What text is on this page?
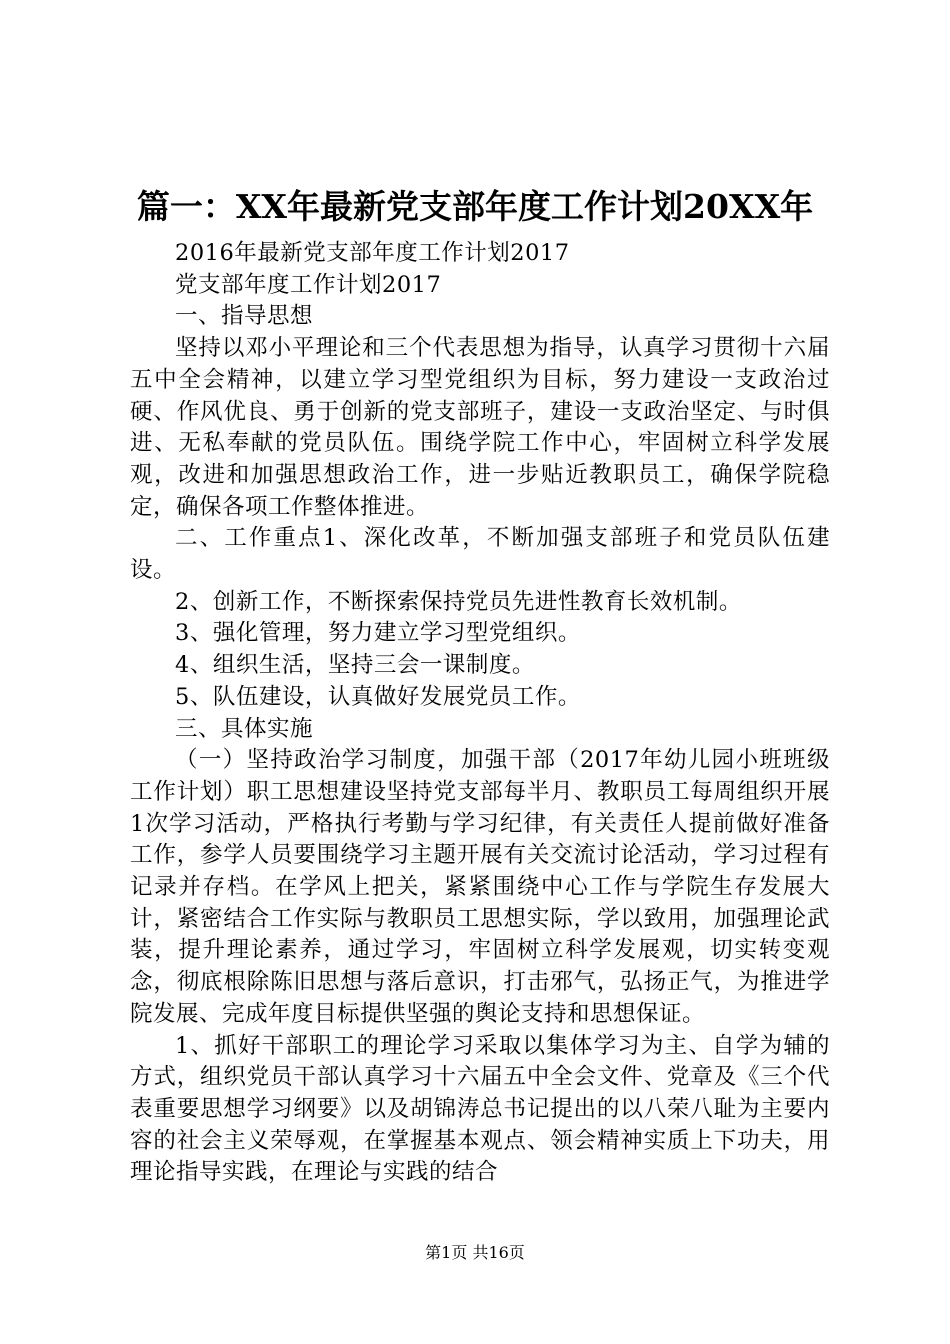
篇一：XX年最新党支部年度工作计划20XX年

2016年最新党支部年度工作计划2017

党支部年度工作计划2017

一、指导思想

坚持以邓小平理论和三个代表思想为指导，认真学习贯彻十六届五中全会精神，以建立学习型党组织为目标，努力建设一支政治过硬、作风优良、勇于创新的党支部班子，建设一支政治坚定、与时俱进、无私奉献的党员队伍。围绕学院工作中心，牢固树立科学发展观，改进和加强思想政治工作，进一步贴近教职员工，确保学院稳定，确保各项工作整体推进。

二、工作重点1、深化改革，不断加强支部班子和党员队伍建设。

2、创新工作，不断探索保持党员先进性教育长效机制。

3、强化管理，努力建立学习型党组织。

4、组织生活，坚持三会一课制度。

5、队伍建设，认真做好发展党员工作。

三、具体实施

（一）坚持政治学习制度，加强干部（2017年幼儿园小班班级工作计划）职工思想建设坚持党支部每半月、教职员工每周组织开展1次学习活动，严格执行考勤与学习纪律，有关责任人提前做好准备工作，参学人员要围绕学习主题开展有关交流讨论活动，学习过程有记录并存档。在学风上把关，紧紧围绕中心工作与学院生存发展大计，紧密结合工作实际与教职员工思想实际，学以致用，加强理论武装，提升理论素养，通过学习，牢固树立科学发展观，切实转变观念，彻底根除陈旧思想与落后意识，打击邪气，弘扬正气，为推进学院发展、完成年度目标提供坚强的舆论支持和思想保证。

1、抓好干部职工的理论学习采取以集体学习为主、自学为辅的方式，组织党员干部认真学习十六届五中全会文件、党章及《三个代表重要思想学习纲要》以及胡锦涛总书记提出的以八荣八耻为主要内容的社会主义荣辱观，在掌握基本观点、领会精神实质上下功夫，用理论指导实践，在理论与实践的结合

第1页 共16页
